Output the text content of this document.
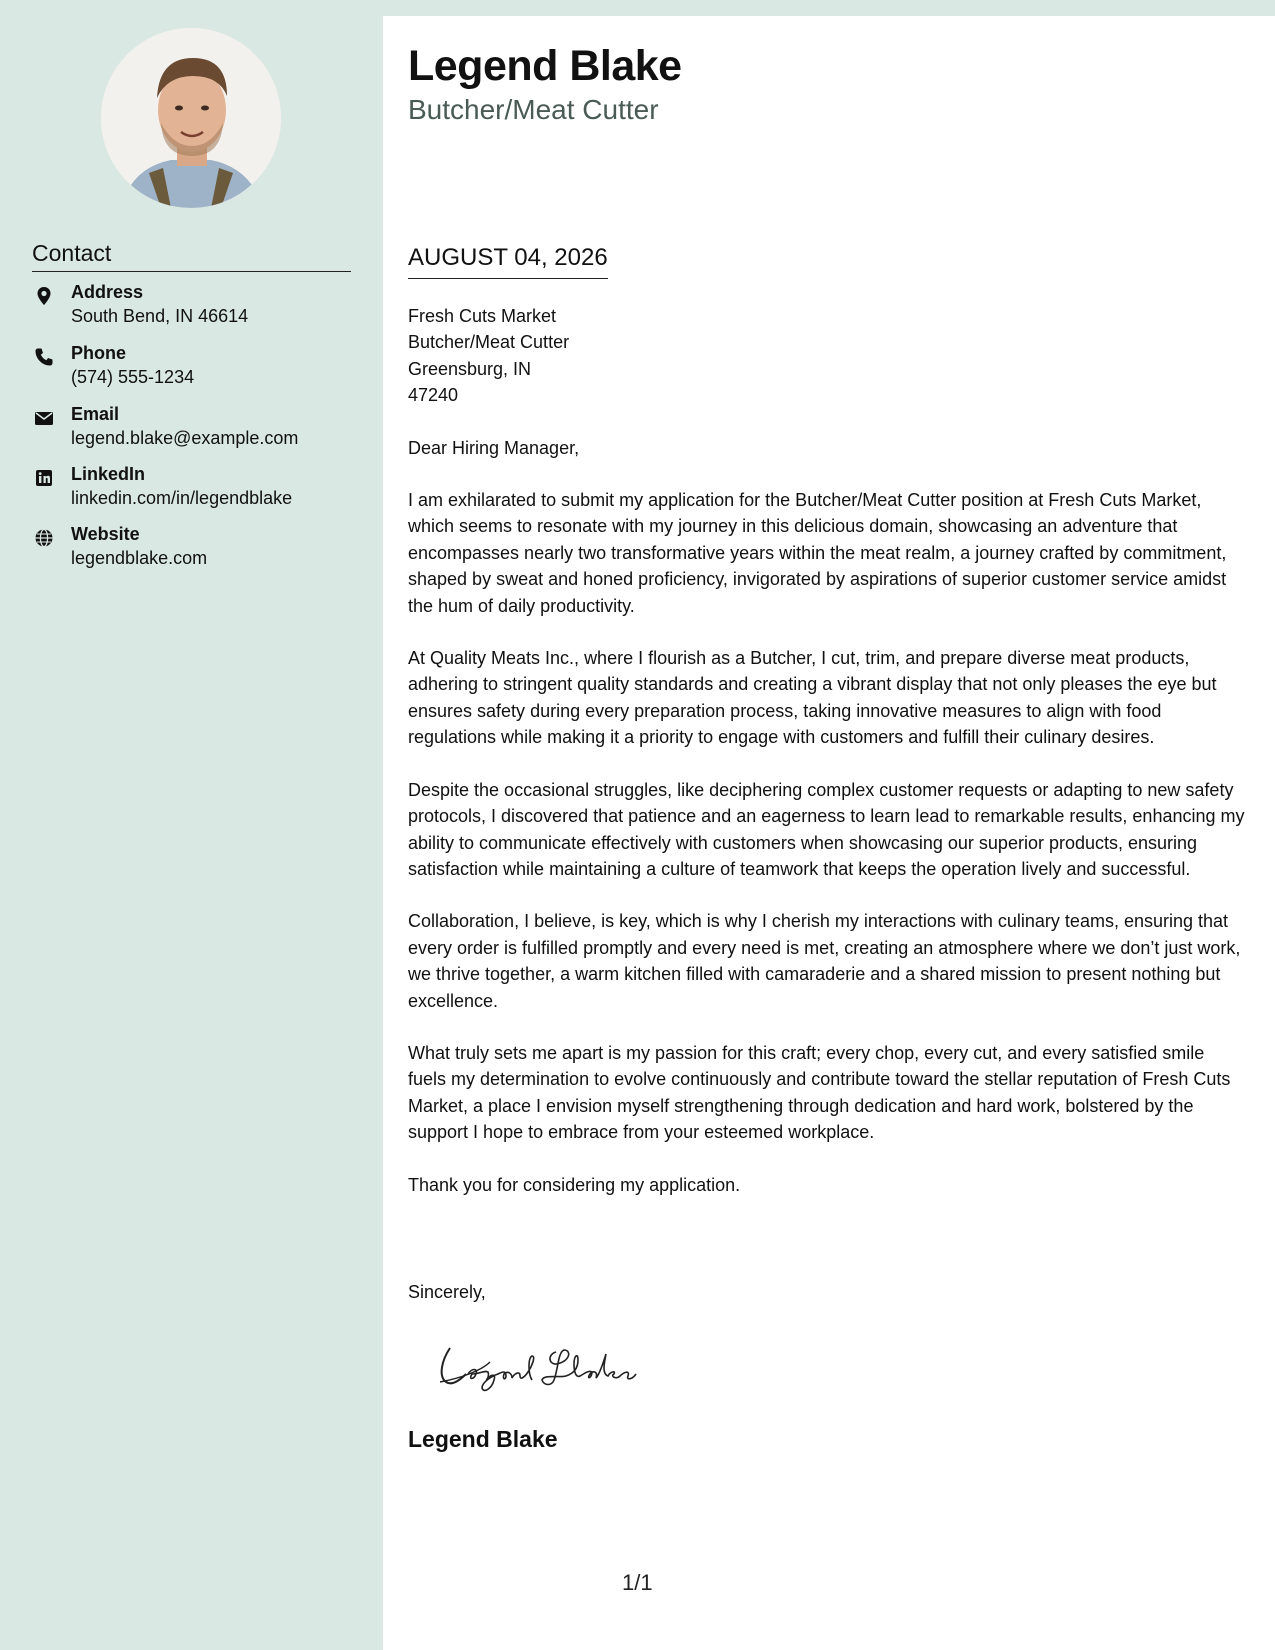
Contact
Address
South Bend, IN 46614
Phone
(574) 555-1234
Email
legend.blake@example.com
LinkedIn
linkedin.com/in/legendblake
Website
legendblake.com
Legend Blake
Butcher/Meat Cutter
AUGUST 04, 2026

Fresh Cuts Market
Butcher/Meat Cutter
Greensburg, IN
47240

Dear Hiring Manager,

I am exhilarated to submit my application for the Butcher/Meat Cutter position at Fresh Cuts Market, which seems to resonate with my journey in this delicious domain, showcasing an adventure that encompasses nearly two transformative years within the meat realm, a journey crafted by commitment, shaped by sweat and honed proficiency, invigorated by aspirations of superior customer service amidst the hum of daily productivity.

At Quality Meats Inc., where I flourish as a Butcher, I cut, trim, and prepare diverse meat products, adhering to stringent quality standards and creating a vibrant display that not only pleases the eye but ensures safety during every preparation process, taking innovative measures to align with food regulations while making it a priority to engage with customers and fulfill their culinary desires.

Despite the occasional struggles, like deciphering complex customer requests or adapting to new safety protocols, I discovered that patience and an eagerness to learn lead to remarkable results, enhancing my ability to communicate effectively with customers when showcasing our superior products, ensuring satisfaction while maintaining a culture of teamwork that keeps the operation lively and successful.

Collaboration, I believe, is key, which is why I cherish my interactions with culinary teams, ensuring that every order is fulfilled promptly and every need is met, creating an atmosphere where we don’t just work, we thrive together, a warm kitchen filled with camaraderie and a shared mission to present nothing but excellence.

What truly sets me apart is my passion for this craft; every chop, every cut, and every satisfied smile fuels my determination to evolve continuously and contribute toward the stellar reputation of Fresh Cuts Market, a place I envision myself strengthening through dedication and hard work, bolstered by the support I hope to embrace from your esteemed workplace.

Thank you for considering my application.

Sincerely,
Legend Blake
1/1
